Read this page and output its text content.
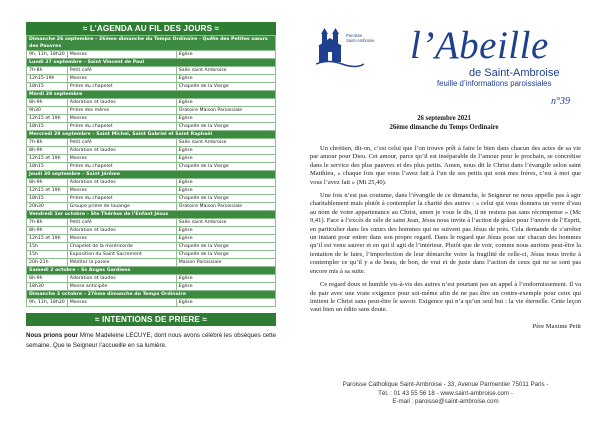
≈ L’AGENDA AU FIL DES JOURS ≈
Dimanche 26 septembre – 26ème dimanche du Temps Ordinaire - Quête des Petites sœurs des Pauvres		
9h, 11h, 18h30	Messes	Eglise
Lundi 27 septembre – Saint Vincent de Paul		
7h-8h	Petit café	Salle saint Ambroise
12h15-19h	Messes	Eglise
18h15	Prière du chapelet	Chapelle de la Vierge
Mardi 28 septembre		
8h-9h	Adoration et laudes	Eglise
9h30	Prière des mères	Oratoire Maison Paroissiale
12h15 et 19h	Messes	Eglise
18h15	Prière du chapelet	Chapelle de la Vierge
Mercredi 29 septembre – Saint Michel, Saint Gabriel et Saint Raphaël		
7h-8h	Petit café	Salle saint Ambroise
8h-9h	Adoration et laudes	Eglise
12h15 et 19h	Messes	Eglise
18h15	Prière du chapelet	Chapelle de la Vierge
Jeudi 30 septembre – Saint Jérôme		
8h-9h	Adoration et laudes	Eglise
12h15 et 19h	Messes	Eglise
18h15	Prière du chapelet	Chapelle de la Vierge
20h30	Groupe prière de louange	Oratoire Maison Paroissiale
Vendredi 1er octobre – Ste Thérèse de l’Enfant Jésus		
7h-8h	Petit café	Salle saint Ambroise
8h-9h	Adoration et laudes	Eglise
12h15 et 19h	Messes	Eglise
15h	Chapelet de la miséricorde	Chapelle de la Vierge
15h	Exposition du Saint Sacrement	Chapelle de la Vierge
20h-21h	Méditer la parole	Maison Paroissiale
Samedi 2 octobre – Ss Anges Gardiens		
8h-9h	Adoration et laudes	Eglise
18h30	Messe anticipée	Eglise
Dimanche 3 octobre – 27ème dimanche du Temps Ordinaire		
9h, 11h, 18h30	Messes	Eglise
≈ INTENTIONS DE PRIERE ≈

Nous prions pour Mme Madeleine LECUYE, dont nous avons célébré les obsèques cette semaine. Que le Seigneur l’accueille en sa lumière.

Paroisse
Saint-Ambroise l’Abeille
de Saint-Ambroise
feuille d’informations paroissiales
n°39
26 septembre 2021
26ème dimanche du Temps Ordinaire

Un chrétien, dit-on, c’est celui que l’on trouve prêt à faire le bien dans chacun des actes de sa vie par amour pour Dieu. Cet amour, parce qu’il est inséparable de l’amour pour le prochain, se concrétise dans le service des plus pauvres et des plus petits. Amen, nous dit le Christ dans l’évangile selon saint Matthieu, « chaque fois que vous l’avez fait à l’un de ses petits qui sont mes frères, c’est à moi que vous l’avez fait » (Mt 25,40).

Une fois n’est pas coutume, dans l’évangile de ce dimanche, le Seigneur ne nous appelle pas à agir charitablement mais plutôt à contempler la charité des autres : « celui qui vous donnera un verre d’eau au nom de votre appartenance au Christ, amen je vous le dis, il ne restera pas sans récompense » (Mc 9,41). Face à l’excès de zèle de saint Jean, Jésus nous invite à l’action de grâce pour l’œuvre de l’Esprit, en particulier dans les cœurs des hommes qui ne suivent pas Jésus de près. Cela demande de s’arrêter un instant pour entrer dans son propre regard. Dans le regard que Jésus pose sur chacun des hommes qu’il est venu sauver et en qui il agit de l’intérieur. Plutôt que de voir, comme nous aurions peut-être la tentation de le faire, l’imperfection de leur démarche voire la fragilité de celle-ci, Jésus nous invite à contempler ce qu’il y a de beau, de bon, de vrai et de juste dans l’action de ceux qui ne se sont pas encore mis à sa suite.

Ce regard doux et humble vis-à-vis des autres n’est pourtant pas un appel à l’endormissement. Il va de pair avec une vraie exigence pour soi-même afin de ne pas être un contre-exemple pour ceux qui imitent le Christ sans peut-être le savoir. Exigence qui n’a qu’un seul but : la vie éternelle. Cette leçon vaut bien un édito sans doute.

Père Maxime Petit

Paroisse Catholique Saint-Ambroise - 33, Avenue Parmentier 75011 Paris -
Tél. : 01 43 55 56 18 - www.saint-ambroise.com -
E-mail : paroisse@saint-ambroise.com
